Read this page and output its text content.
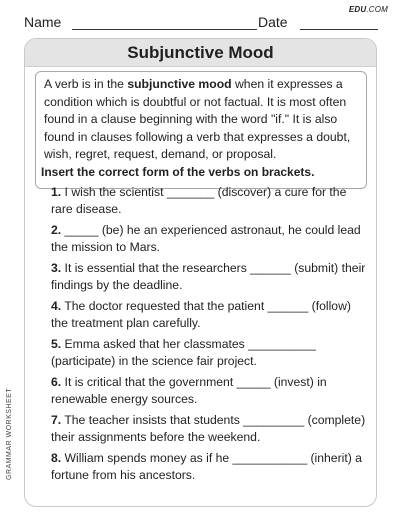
EDU.COM
Name	Date
Subjunctive Mood
A verb is in the subjunctive mood when it expresses a condition which is doubtful or not factual. It is most often found in a clause beginning with the word "if." It is also found in clauses following a verb that expresses a doubt, wish, regret, request, demand, or proposal.
Insert the correct form of the verbs on brackets.
1. I wish the scientist _______ (discover) a cure for the rare disease.
2. _____ (be) he an experienced astronaut, he could lead the mission to Mars.
3. It is essential that the researchers ______ (submit) their findings by the deadline.
4. The doctor requested that the patient ______ (follow) the treatment plan carefully.
5. Emma asked that her classmates __________ (participate) in the science fair project.
6. It is critical that the government _____ (invest) in renewable energy sources.
7. The teacher insists that students _________ (complete) their assignments before the weekend.
8. William spends money as if he ___________ (inherit) a fortune from his ancestors.
GRAMMAR WORKSHEET
